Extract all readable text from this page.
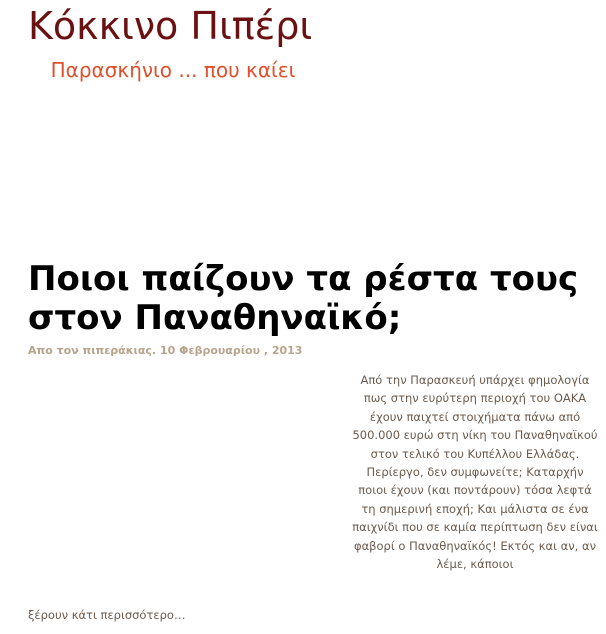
Κόκκινο Πιπέρι

Παρασκήνιο ... που καίει

Ποιοι παίζουν τα ρέστα τους στον Παναθηναϊκό;

Απο τον πιπεράκιας. 10 Φεβρουαρίου , 2013

Από την Παρασκευή υπάρχει φημολογία πως στην ευρύτερη περιοχή του ΟΑΚΑ έχουν παιχτεί στοιχήματα πάνω από 500.000 ευρώ στη νίκη του Παναθηναϊκού στον τελικό του Κυπέλλου Ελλάδας. Περίεργο, δεν συμφωνείτε; Καταρχήν ποιοι έχουν (και ποντάρουν) τόσα λεφτά τη σημερινή εποχή; Και μάλιστα σε ένα παιχνίδι που σε καμία περίπτωση δεν είναι φαβορί ο Παναθηναϊκός! Εκτός και αν, αν λέμε, κάποιοι

ξέρουν κάτι περισσότερο…
